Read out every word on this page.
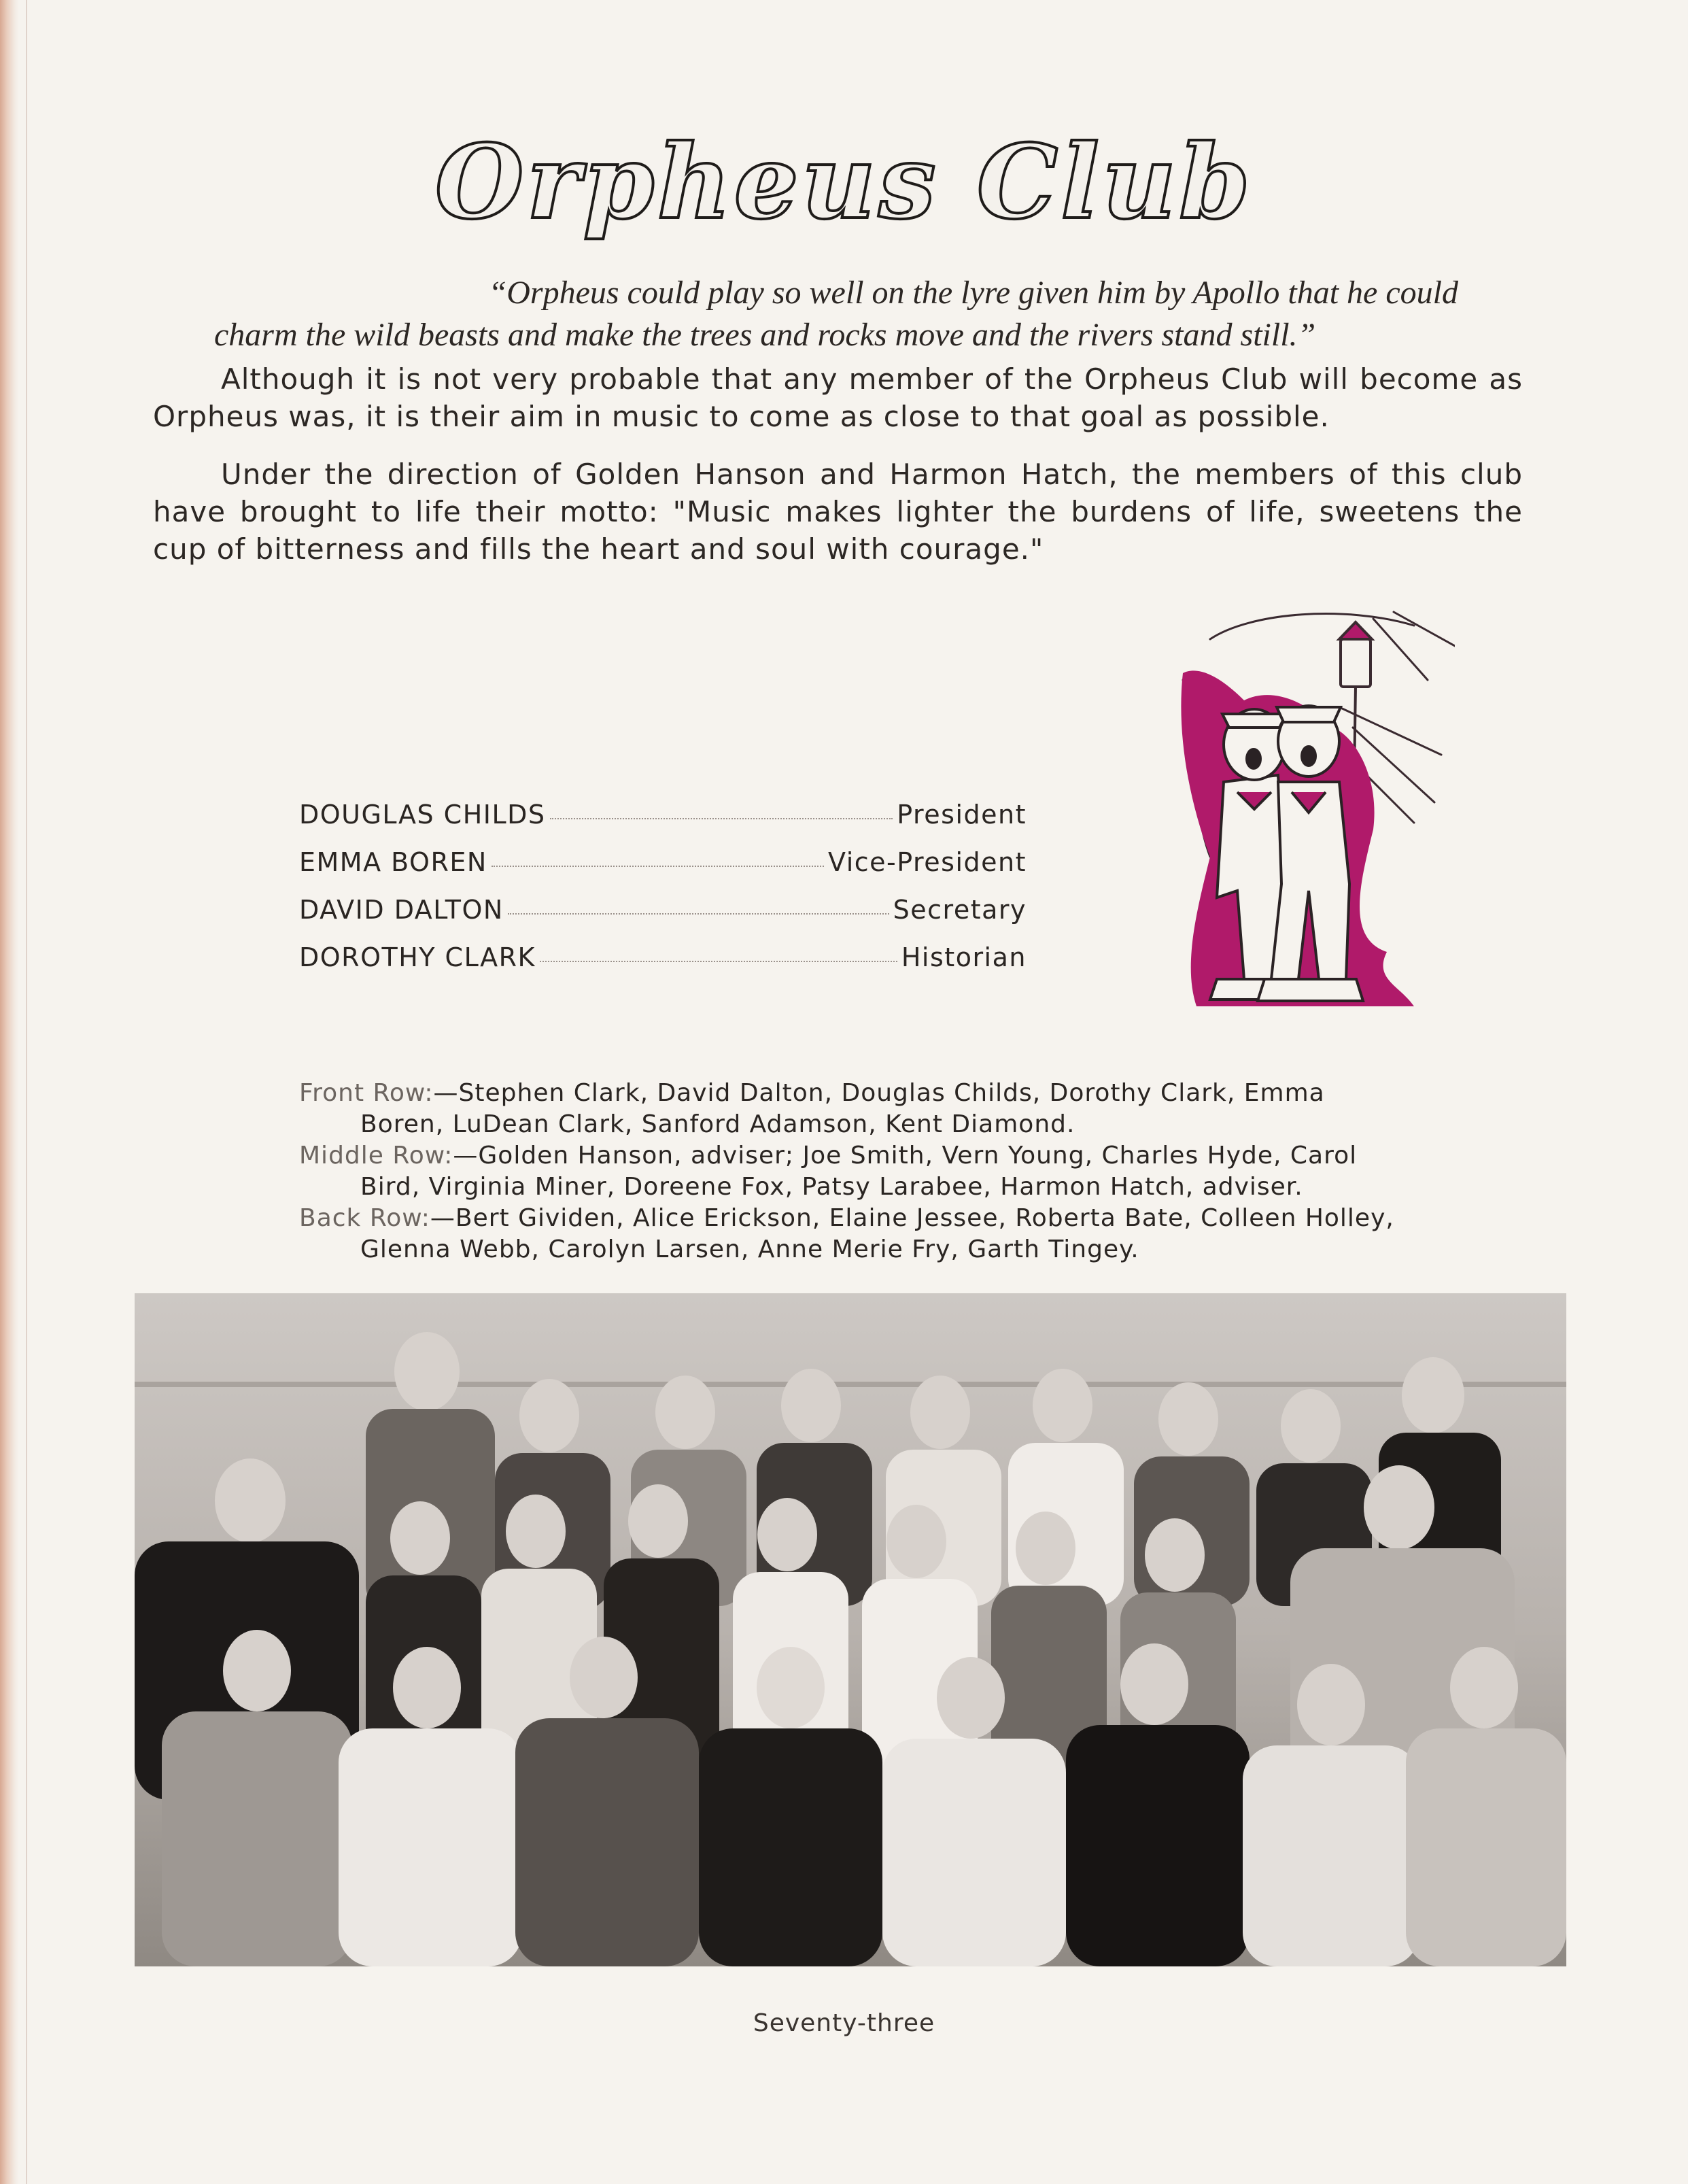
Orpheus Club
“Orpheus could play so well on the lyre given him by Apollo that he could
charm the wild beasts and make the trees and rocks move and the rivers stand still.”
Although it is not very probable that any member of the Orpheus Club will become as Orpheus was, it is their aim in music to come as close to that goal as possible.
Under the direction of Golden Hanson and Harmon Hatch, the members of this club have brought to life their motto: "Music makes lighter the burdens of life, sweetens the cup of bitterness and fills the heart and soul with courage."
DOUGLAS CHILDS	President
EMMA BOREN	Vice-President
DAVID DALTON	Secretary
DOROTHY CLARK	Historian
Front Row:—Stephen Clark, David Dalton, Douglas Childs, Dorothy Clark, Emma
Boren, LuDean Clark, Sanford Adamson, Kent Diamond.
Middle Row:—Golden Hanson, adviser; Joe Smith, Vern Young, Charles Hyde, Carol
Bird, Virginia Miner, Doreene Fox, Patsy Larabee, Harmon Hatch, adviser.
Back Row:—Bert Gividen, Alice Erickson, Elaine Jessee, Roberta Bate, Colleen Holley,
Glenna Webb, Carolyn Larsen, Anne Merie Fry, Garth Tingey.
Seventy-three
